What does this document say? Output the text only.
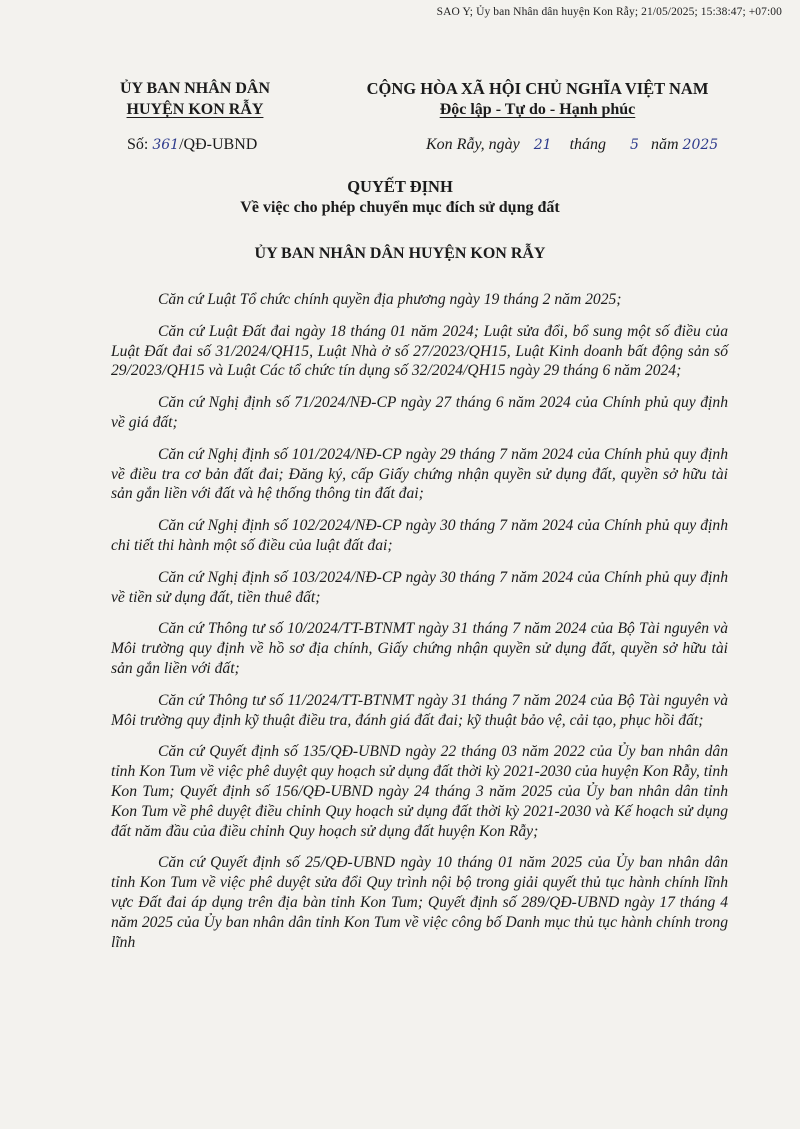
SAO Y; Ủy ban Nhân dân huyện Kon Rẫy; 21/05/2025; 15:38:47; +07:00
ỦY BAN NHÂN DÂN
HUYỆN KON RẪY
CỘNG HÒA XÃ HỘI CHỦ NGHĨA VIỆT NAM
Độc lập - Tự do - Hạnh phúc
Số: 361/QĐ-UBND	Kon Rẫy, ngày 21 tháng 5 năm 2025
QUYẾT ĐỊNH
Về việc cho phép chuyển mục đích sử dụng đất
ỦY BAN NHÂN DÂN HUYỆN KON RẪY

Căn cứ Luật Tổ chức chính quyền địa phương ngày 19 tháng 2 năm 2025;

Căn cứ Luật Đất đai ngày 18 tháng 01 năm 2024; Luật sửa đổi, bổ sung một số điều của Luật Đất đai số 31/2024/QH15, Luật Nhà ở số 27/2023/QH15, Luật Kinh doanh bất động sản số 29/2023/QH15 và Luật Các tổ chức tín dụng số 32/2024/QH15 ngày 29 tháng 6 năm 2024;

Căn cứ Nghị định số 71/2024/NĐ-CP ngày 27 tháng 6 năm 2024 của Chính phủ quy định về giá đất;

Căn cứ Nghị định số 101/2024/NĐ-CP ngày 29 tháng 7 năm 2024 của Chính phủ quy định về điều tra cơ bản đất đai; Đăng ký, cấp Giấy chứng nhận quyền sử dụng đất, quyền sở hữu tài sản gắn liền với đất và hệ thống thông tin đất đai;

Căn cứ Nghị định số 102/2024/NĐ-CP ngày 30 tháng 7 năm 2024 của Chính phủ quy định chi tiết thi hành một số điều của luật đất đai;

Căn cứ Nghị định số 103/2024/NĐ-CP ngày 30 tháng 7 năm 2024 của Chính phủ quy định về tiền sử dụng đất, tiền thuê đất;

Căn cứ Thông tư số 10/2024/TT-BTNMT ngày 31 tháng 7 năm 2024 của Bộ Tài nguyên và Môi trường quy định về hồ sơ địa chính, Giấy chứng nhận quyền sử dụng đất, quyền sở hữu tài sản gắn liền với đất;

Căn cứ Thông tư số 11/2024/TT-BTNMT ngày 31 tháng 7 năm 2024 của Bộ Tài nguyên và Môi trường quy định kỹ thuật điều tra, đánh giá đất đai; kỹ thuật bảo vệ, cải tạo, phục hồi đất;

Căn cứ Quyết định số 135/QĐ-UBND ngày 22 tháng 03 năm 2022 của Ủy ban nhân dân tỉnh Kon Tum về việc phê duyệt quy hoạch sử dụng đất thời kỳ 2021-2030 của huyện Kon Rẫy, tỉnh Kon Tum; Quyết định số 156/QĐ-UBND ngày 24 tháng 3 năm 2025 của Ủy ban nhân dân tỉnh Kon Tum về phê duyệt điều chỉnh Quy hoạch sử dụng đất thời kỳ 2021-2030 và Kế hoạch sử dụng đất năm đầu của điều chỉnh Quy hoạch sử dụng đất huyện Kon Rẫy;

Căn cứ Quyết định số 25/QĐ-UBND ngày 10 tháng 01 năm 2025 của Ủy ban nhân dân tỉnh Kon Tum về việc phê duyệt sửa đổi Quy trình nội bộ trong giải quyết thủ tục hành chính lĩnh vực Đất đai áp dụng trên địa bàn tỉnh Kon Tum; Quyết định số 289/QĐ-UBND ngày 17 tháng 4 năm 2025 của Ủy ban nhân dân tỉnh Kon Tum về việc công bố Danh mục thủ tục hành chính trong lĩnh
